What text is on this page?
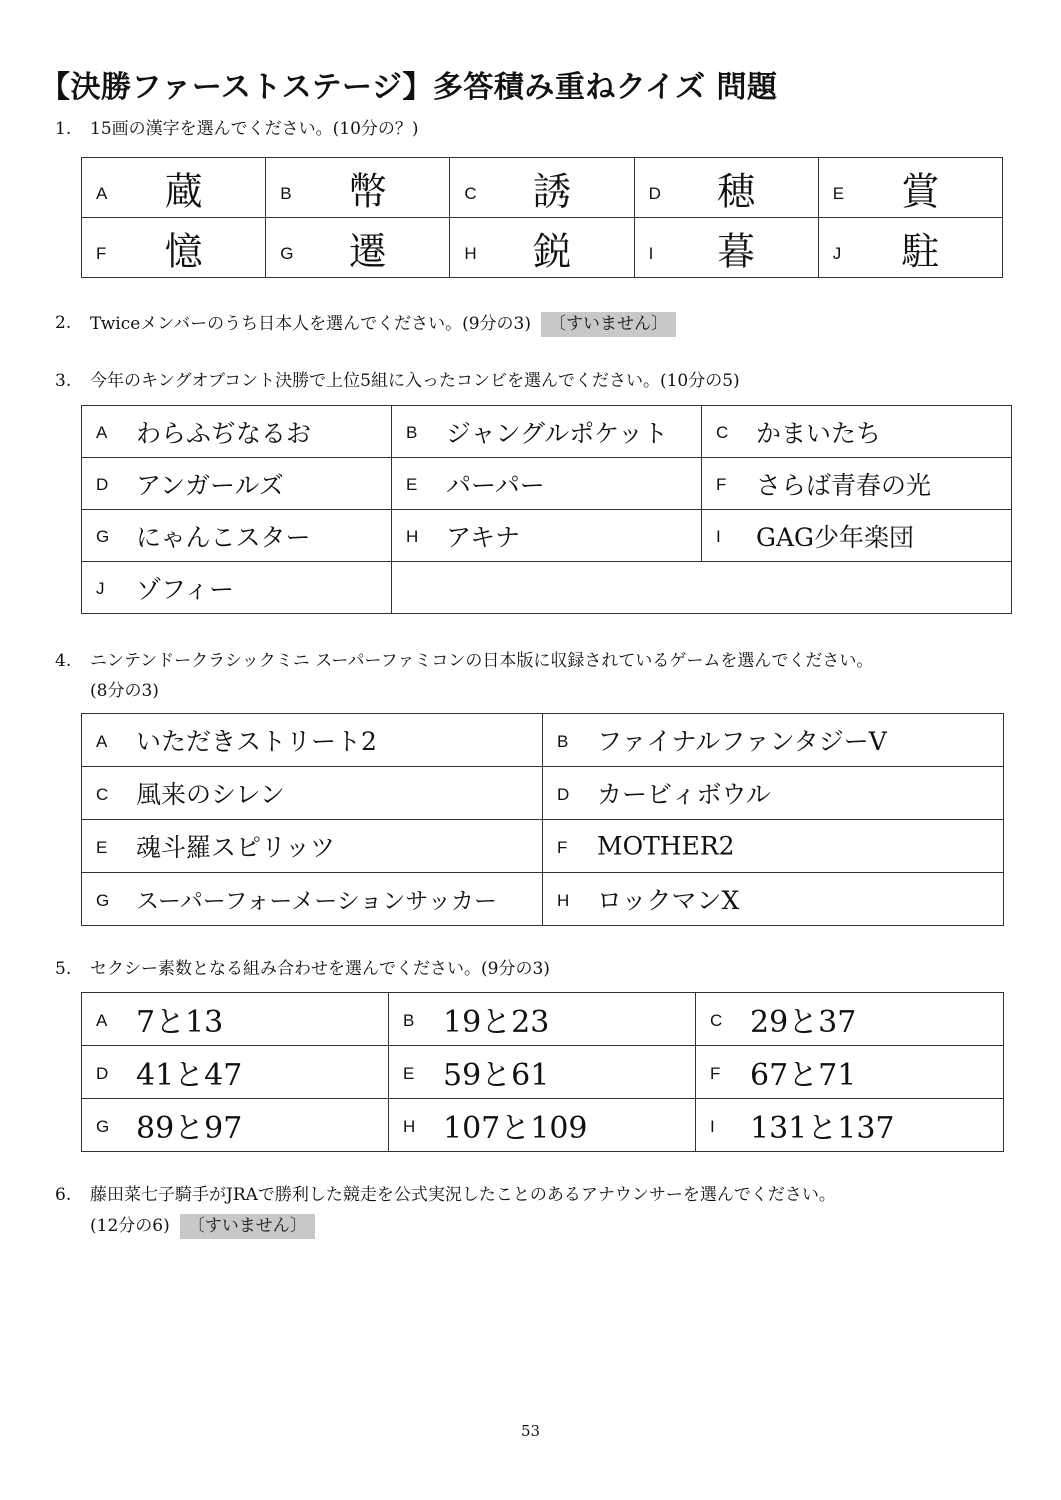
【決勝ファーストステージ】多答積み重ねクイズ 問題
1. 15画の漢字を選んでください。(10分の？)
A 蔵	B 幣	C 誘	D 穂	E 賞

F 憶	G 遷	H 鋭	I 暮	J 駐
2. Twiceメンバーのうち日本人を選んでください。(9分の3) 〔すいません〕
3. 今年のキングオブコント決勝で上位5組に入ったコンビを選んでください。(10分の5)
A わらふぢなるお	B ジャングルポケット	C かまいたち

D アンガールズ	E パーパー	F さらば青春の光

G にゃんこスター	H アキナ	I GAG少年楽団

J ゾフィー		

4. ニンテンドークラシックミニ スーパーファミコンの日本版に収録されているゲームを選んでください。
(8分の3)
A いただきストリート2	B ファイナルファンタジーV

C 風来のシレン	D カービィボウル

E 魂斗羅スピリッツ	F MOTHER2

G スーパーフォーメーションサッカー	H ロックマンX
5. セクシー素数となる組み合わせを選んでください。(9分の3)
A 7と13	B 19と23	C 29と37

D 41と47	E 59と61	F 67と71

G 89と97	H 107と109	I 131と137
6. 藤田菜七子騎手がJRAで勝利した競走を公式実況したことのあるアナウンサーを選んでください。
(12分の6) 〔すいません〕
53
